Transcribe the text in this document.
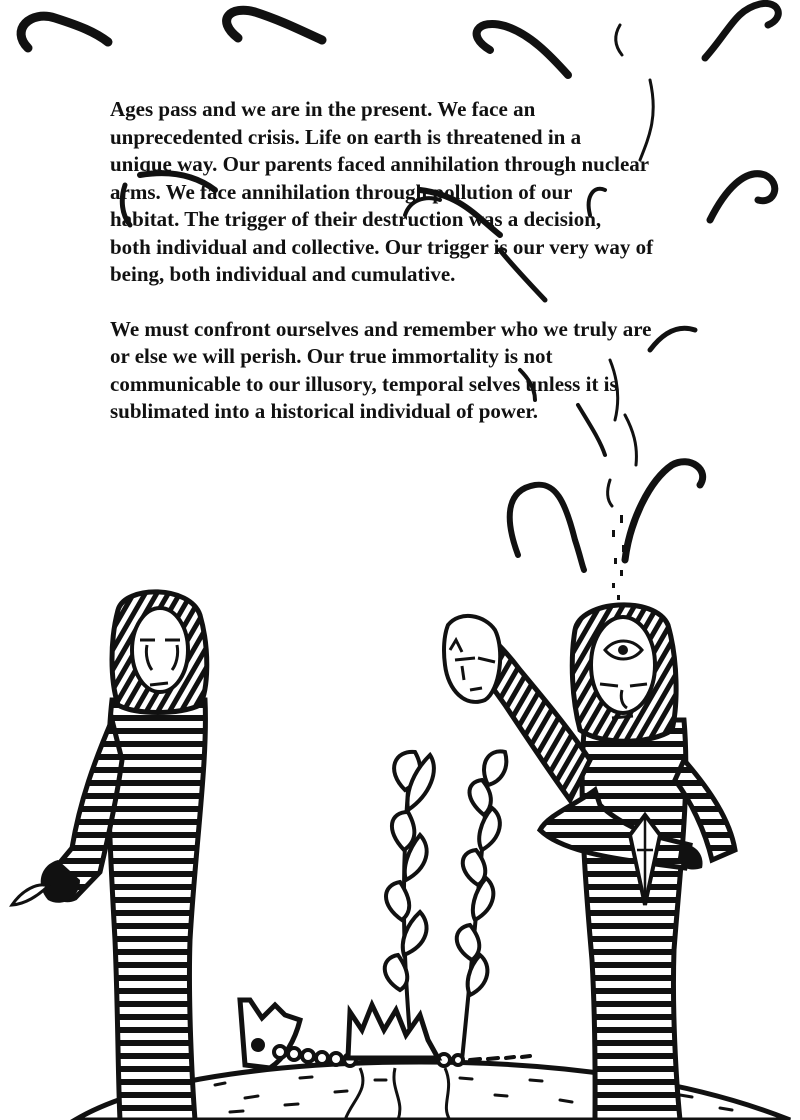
Ages pass and we are in the present. We face an
unprecedented crisis. Life on earth is threatened in a
unique way. Our parents faced annihilation through nuclear
arms. We face annihilation through pollution of our
habitat. The trigger of their destruction was a decision,
both individual and collective. Our trigger is our very way of
being, both individual and cumulative.

We must confront ourselves and remember who we truly are
or else we will perish. Our true immortality is not
communicable to our illusory, temporal selves unless it is
sublimated into a historical individual of power.
